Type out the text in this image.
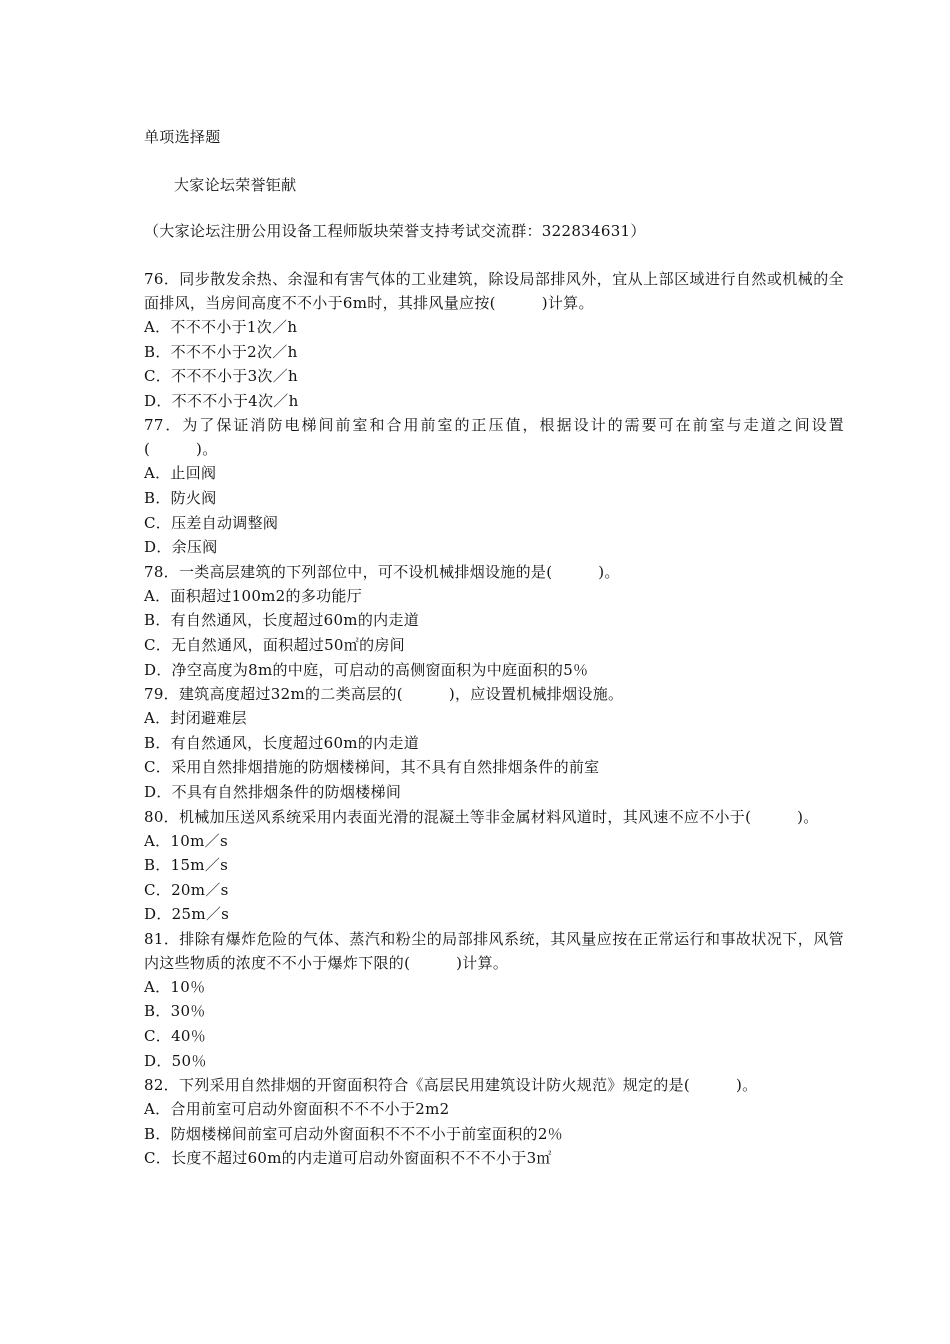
单项选择题

大家论坛荣誉钜献

（大家论坛注册公用设备工程师版块荣誉支持考试交流群：322834631）

76．同步散发余热、余湿和有害气体的工业建筑，除设局部排风外，宜从上部区域进行自然或机械的全面排风，当房间高度不不小于6m时，其排风量应按(　　　)计算。

A．不不不小于1次／h

B．不不不小于2次／h

C．不不不小于3次／h

D．不不不小于4次／h

77．为了保证消防电梯间前室和合用前室的正压值，根据设计的需要可在前室与走道之间设置(　　　)。

A．止回阀

B．防火阀

C．压差自动调整阀

D．余压阀

78．一类高层建筑的下列部位中，可不设机械排烟设施的是(　　　)。

A．面积超过100m2的多功能厅

B．有自然通风，长度超过60m的内走道

C．无自然通风，面积超过50㎡的房间

D．净空高度为8m的中庭，可启动的高侧窗面积为中庭面积的5％

79．建筑高度超过32m的二类高层的(　　　)，应设置机械排烟设施。

A．封闭避难层

B．有自然通风，长度超过60m的内走道

C．采用自然排烟措施的防烟楼梯间，其不具有自然排烟条件的前室

D．不具有自然排烟条件的防烟楼梯间

80．机械加压送风系统采用内表面光滑的混凝土等非金属材料风道时，其风速不应不小于(　　　)。

A．10m／s

B．15m／s

C．20m／s

D．25m／s

81．排除有爆炸危险的气体、蒸汽和粉尘的局部排风系统，其风量应按在正常运行和事故状况下，风管内这些物质的浓度不不小于爆炸下限的(　　　)计算。

A．10％

B．30％

C．40％

D．50％

82．下列采用自然排烟的开窗面积符合《高层民用建筑设计防火规范》规定的是(　　　)。

A．合用前室可启动外窗面积不不不小于2m2

B．防烟楼梯间前室可启动外窗面积不不不小于前室面积的2％

C．长度不超过60m的内走道可启动外窗面积不不不小于3㎡
